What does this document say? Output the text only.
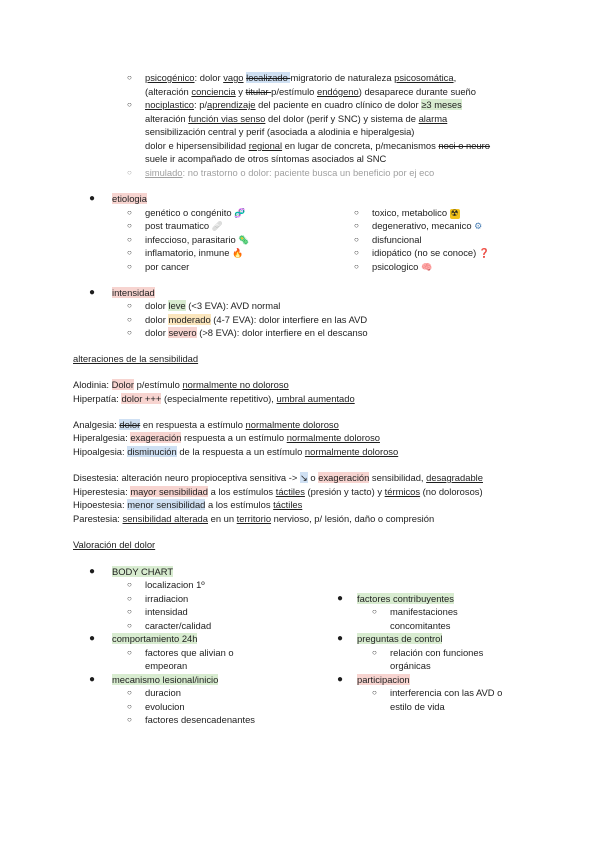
○ psicogénico: dolor vago localizado migratorio de naturaleza psicosomática,
(alteración conciencia y titular p/estímulo endógeno) desaparece durante sueño
○ nociplastico: p/aprendizaje del paciente en cuadro clínico de dolor ≥3 meses
alteración función vias senso del dolor (perif y SNC) y sistema de alarma
sensibilización central y perif (asociada a alodinia e hiperalgesia)
dolor e hipersensibilidad regional en lugar de concreta, p/mecanismos noci o neuro
suele ir acompañado de otros síntomas asociados al SNC
○ simulado: no trastorno o dolor: paciente busca un beneficio por ej eco
● etiologia
○ genético o congénito 🧬
○ post traumatico 🩹
○ infeccioso, parasitario 🦠
○ inflamatorio, inmune 🔥
○ por cancer
○ toxico, metabolico ☢
○ degenerativo, mecanico ⚙
○ disfuncional
○ idiopático (no se conoce) ❓
○ psicologico 🧠
● intensidad
○ dolor leve (<3 EVA): AVD normal
○ dolor moderado (4-7 EVA): dolor interfiere en las AVD
○ dolor severo (>8 EVA): dolor interfiere en el descanso
alteraciones de la sensibilidad
Alodinia: Dolor p/estímulo normalmente no doloroso
Hiperpatía: dolor +++ (especialmente repetitivo), umbral aumentado
Analgesia: dolor en respuesta a estímulo normalmente doloroso
Hiperalgesia: exageración respuesta a un estímulo normalmente doloroso
Hipoalgesia: disminución de la respuesta a un estímulo normalmente doloroso
Disestesia: alteración neuro propioceptiva sensitiva -> ↘ o exageración sensibilidad, desagradable
Hiperestesia: mayor sensibilidad a los estímulos táctiles (presión y tacto) y térmicos (no dolorosos)
Hipoestesia: menor sensibilidad a los estímulos táctiles
Parestesia: sensibilidad alterada en un territorio nervioso, p/ lesión, daño o compresión
Valoración del dolor
● BODY CHART
○ localizacion 1º
○ irradiacion
○ intensidad
○ caracter/calidad
● comportamiento 24h
○ factores que alivian o
empeoran
● mecanismo lesional/inicio
○ duracion
○ evolucion
○ factores desencadenantes
● factores contribuyentes
○ manifestaciones
concomitantes
● preguntas de control
○ relación con funciones
orgánicas
● participacion
○ interferencia con las AVD o
estilo de vida
